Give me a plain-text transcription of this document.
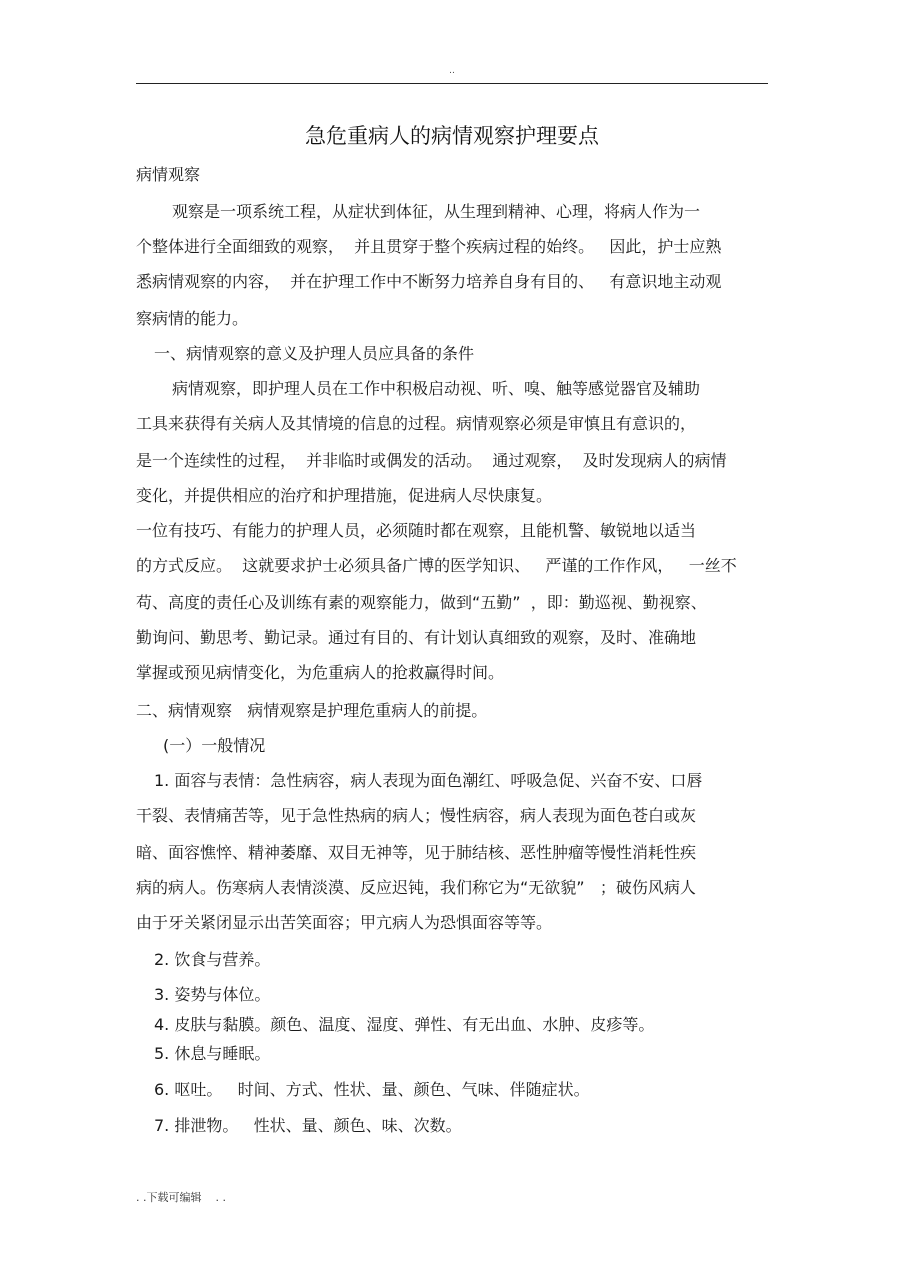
..
急危重病人的病情观察护理要点
病情观察
观察是一项系统工程，从症状到体征，从生理到精神、心理，将病人作为一
个整体进行全面细致的观察，  并且贯穿于整个疾病过程的始终。   因此，护士应熟
悉病情观察的内容，  并在护理工作中不断努力培养自身有目的、   有意识地主动观
察病情的能力。
一、病情观察的意义及护理人员应具备的条件
病情观察，即护理人员在工作中积极启动视、听、嗅、触等感觉器官及辅助
工具来获得有关病人及其情境的信息的过程。病情观察必须是审慎且有意识的，
是一个连续性的过程，  并非临时或偶发的活动。  通过观察，  及时发现病人的病情
变化，并提供相应的治疗和护理措施，促进病人尽快康复。
一位有技巧、有能力的护理人员，必须随时都在观察，且能机警、敏锐地以适当
的方式反应。  这就要求护士必须具备广博的医学知识、   严谨的工作作风，   一丝不
苟、高度的责任心及训练有素的观察能力，做到“五勤”  ，即：勤巡视、勤视察、
勤询问、勤思考、勤记录。通过有目的、有计划认真细致的观察，及时、准确地
掌握或预见病情变化，为危重病人的抢救赢得时间。
二、病情观察   病情观察是护理危重病人的前提。
(一）一般情况
1. 面容与表情：急性病容，病人表现为面色潮红、呼吸急促、兴奋不安、口唇
干裂、表情痛苦等，见于急性热病的病人；慢性病容，病人表现为面色苍白或灰
暗、面容憔悴、精神萎靡、双目无神等，见于肺结核、恶性肿瘤等慢性消耗性疾
病的病人。伤寒病人表情淡漠、反应迟钝，我们称它为“无欲貌”   ；破伤风病人
由于牙关紧闭显示出苦笑面容；甲亢病人为恐惧面容等等。
2. 饮食与营养。
3. 姿势与体位。
4. 皮肤与黏膜。颜色、温度、湿度、弹性、有无出血、水肿、皮疹等。
5. 休息与睡眠。
6. 呕吐。   时间、方式、性状、量、颜色、气味、伴随症状。
7. 排泄物。   性状、量、颜色、味、次数。
. .下载可编辑    . .
